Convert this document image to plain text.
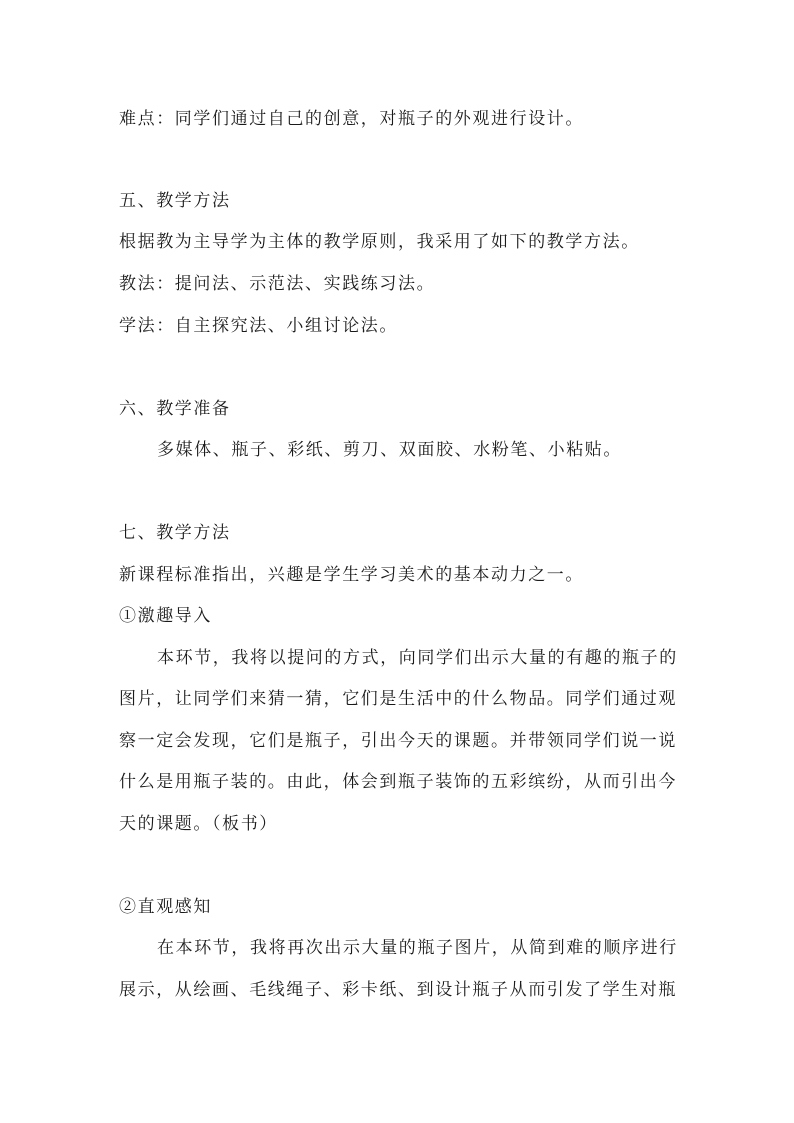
难点：同学们通过自己的创意，对瓶子的外观进行设计。
五、教学方法
根据教为主导学为主体的教学原则，我采用了如下的教学方法。
教法：提问法、示范法、实践练习法。
学法：自主探究法、小组讨论法。
六、教学准备
多媒体、瓶子、彩纸、剪刀、双面胶、水粉笔、小粘贴。
七、教学方法
新课程标准指出，兴趣是学生学习美术的基本动力之一。
①激趣导入
本环节，我将以提问的方式，向同学们出示大量的有趣的瓶子的
图片，让同学们来猜一猜，它们是生活中的什么物品。同学们通过观
察一定会发现，它们是瓶子，引出今天的课题。并带领同学们说一说
什么是用瓶子装的。由此，体会到瓶子装饰的五彩缤纷，从而引出今
天的课题。（板书）
②直观感知
在本环节，我将再次出示大量的瓶子图片，从简到难的顺序进行
展示，从绘画、毛线绳子、彩卡纸、到设计瓶子从而引发了学生对瓶
